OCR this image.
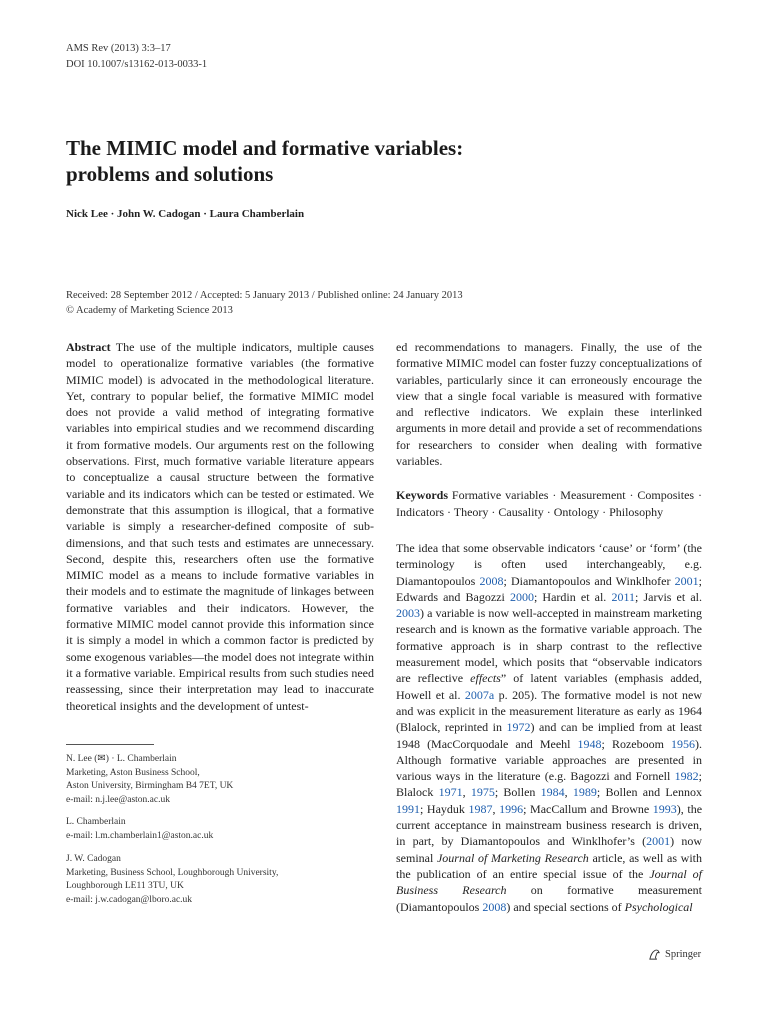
AMS Rev (2013) 3:3–17
DOI 10.1007/s13162-013-0033-1
The MIMIC model and formative variables:
problems and solutions
Nick Lee · John W. Cadogan · Laura Chamberlain
Received: 28 September 2012 / Accepted: 5 January 2013 / Published online: 24 January 2013
© Academy of Marketing Science 2013

Abstract The use of the multiple indicators, multiple causes model to operationalize formative variables (the formative MIMIC model) is advocated in the methodological literature. Yet, contrary to popular belief, the formative MIMIC model does not provide a valid method of integrating formative variables into empirical studies and we recommend discarding it from formative models. Our arguments rest on the following observations. First, much formative variable literature appears to conceptualize a causal structure between the formative variable and its indicators which can be tested or estimated. We demonstrate that this assumption is illogical, that a formative variable is simply a researcher-defined composite of sub-dimensions, and that such tests and estimates are unnecessary. Second, despite this, researchers often use the formative MIMIC model as a means to include formative variables in their models and to estimate the magnitude of linkages between formative variables and their indicators. However, the formative MIMIC model cannot provide this information since it is simply a model in which a common factor is predicted by some exogenous variables—the model does not integrate within it a formative variable. Empirical results from such studies need reassessing, since their interpretation may lead to inaccurate theoretical insights and the development of untest-

N. Lee (✉) · L. Chamberlain

Marketing, Aston Business School,

Aston University, Birmingham B4 7ET, UK

e-mail: n.j.lee@aston.ac.uk

L. Chamberlain

e-mail: l.m.chamberlain1@aston.ac.uk

J. W. Cadogan

Marketing, Business School, Loughborough University,

Loughborough LE11 3TU, UK

e-mail: j.w.cadogan@lboro.ac.uk

ed recommendations to managers. Finally, the use of the formative MIMIC model can foster fuzzy conceptualizations of variables, particularly since it can erroneously encourage the view that a single focal variable is measured with formative and reflective indicators. We explain these interlinked arguments in more detail and provide a set of recommendations for researchers to consider when dealing with formative variables.

Keywords Formative variables · Measurement · Composites · Indicators · Theory · Causality · Ontology · Philosophy

The idea that some observable indicators ‘cause’ or ‘form’ (the terminology is often used interchangeably, e.g. Diamantopoulos 2008; Diamantopoulos and Winklhofer 2001; Edwards and Bagozzi 2000; Hardin et al. 2011; Jarvis et al. 2003) a variable is now well-accepted in mainstream marketing research and is known as the formative variable approach. The formative approach is in sharp contrast to the reflective measurement model, which posits that “observable indicators are reflective effects” of latent variables (emphasis added, Howell et al. 2007a p. 205). The formative model is not new and was explicit in the measurement literature as early as 1964 (Blalock, reprinted in 1972) and can be implied from at least 1948 (MacCorquodale and Meehl 1948; Rozeboom 1956). Although formative variable approaches are presented in various ways in the literature (e.g. Bagozzi and Fornell 1982; Blalock 1971, 1975; Bollen 1984, 1989; Bollen and Lennox 1991; Hayduk 1987, 1996; MacCallum and Browne 1993), the current acceptance in mainstream business research is driven, in part, by Diamantopoulos and Winklhofer’s (2001) now seminal Journal of Marketing Research article, as well as with the publication of an entire special issue of the Journal of Business Research on formative measurement (Diamantopoulos 2008) and special sections of Psychological

Springer
